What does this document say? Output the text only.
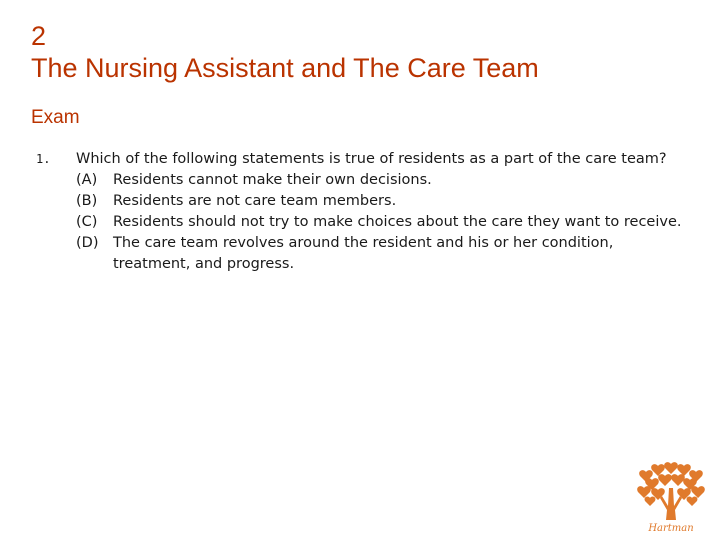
2
The Nursing Assistant and The Care Team
Exam
1. Which of the following statements is true of residents as a part of the care team?
(A)	Residents cannot make their own decisions.
(B)	Residents are not care team members.
(C)	Residents should not try to make choices about the care they want to receive.
(D)	The care team revolves around the resident and his or her condition, treatment, and progress.
Hartman
